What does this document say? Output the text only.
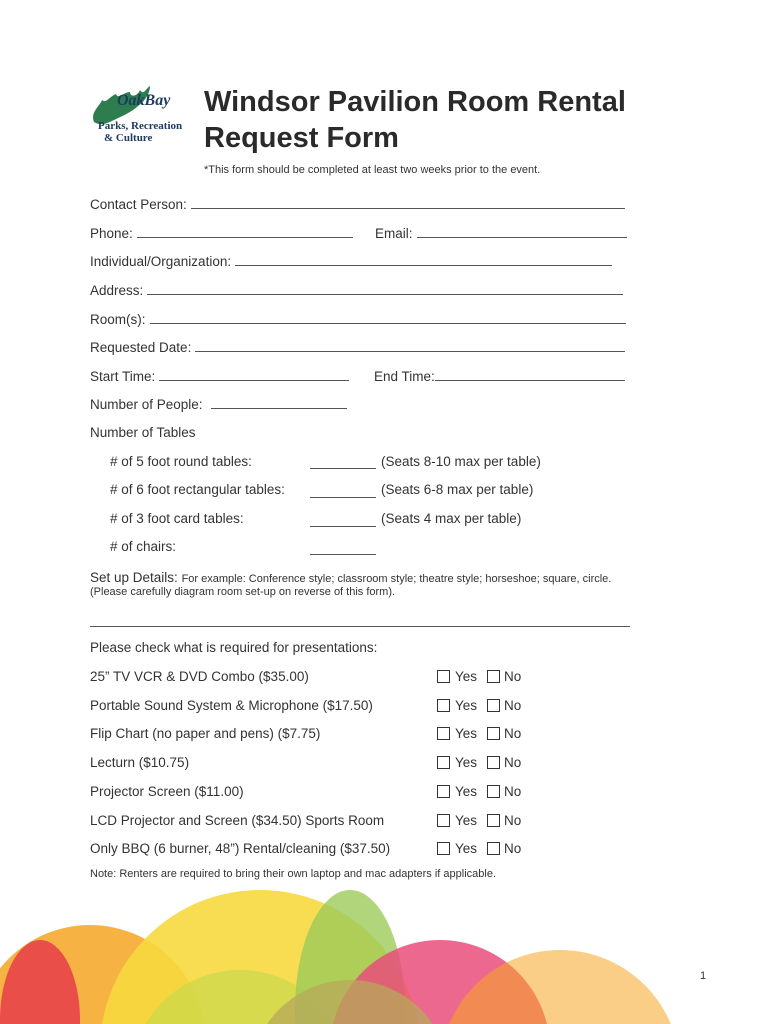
OakBay
Parks, Recreation
& Culture
Windsor Pavilion Room Rental Request Form
*This form should be completed at least two weeks prior to the event.
Contact Person:
Phone:	Email:
Individual/Organization:
Address:
Room(s):
Requested Date:
Start Time:	End Time:
Number of People:
Number of Tables
# of 5 foot round tables:	(Seats 8-10 max per table)
# of 6 foot rectangular tables:	(Seats 6-8 max per table)
# of 3 foot card tables:	(Seats 4 max per table)
# of chairs:
Set up Details: For example: Conference style; classroom style; theatre style; horseshoe; square, circle.
(Please carefully diagram room set-up on reverse of this form).
Please check what is required for presentations:
25” TV VCR & DVD Combo ($35.00)	Yes No
Portable Sound System & Microphone ($17.50)	Yes No
Flip Chart (no paper and pens) ($7.75)	Yes No
Lecturn ($10.75)	Yes No
Projector Screen ($11.00)	Yes No
LCD Projector and Screen ($34.50) Sports Room	Yes No
Only BBQ (6 burner, 48”) Rental/cleaning ($37.50)	Yes No
Note: Renters are required to bring their own laptop and mac adapters if applicable.
1
